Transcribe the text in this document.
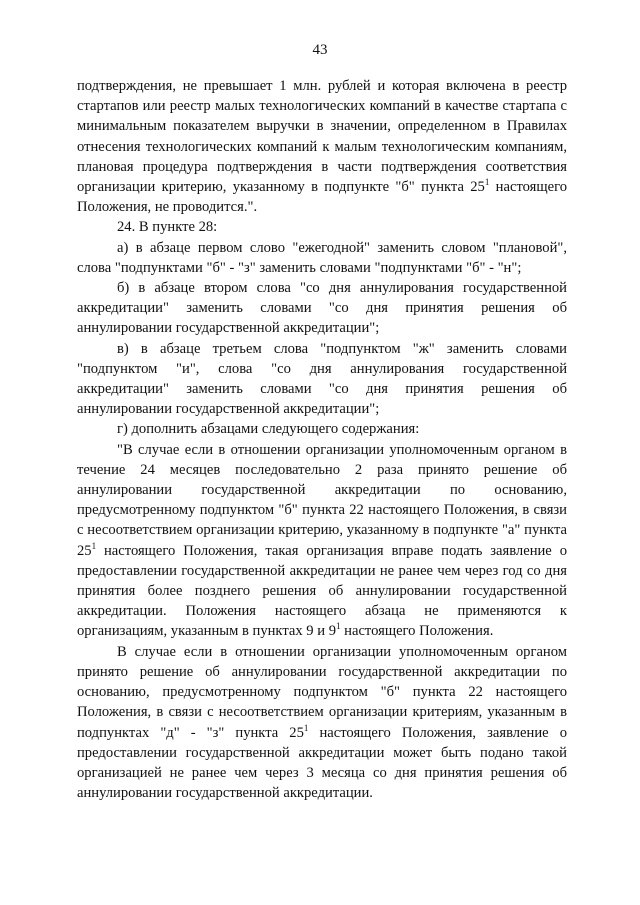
43

подтверждения, не превышает 1 млн. рублей и которая включена в реестр стартапов или реестр малых технологических компаний в качестве стартапа с минимальным показателем выручки в значении, определенном в Правилах отнесения технологических компаний к малым технологическим компаниям, плановая процедура подтверждения в части подтверждения соответствия организации критерию, указанному в подпункте "б" пункта $25^1$ настоящего Положения, не проводится.".

24. В пункте 28:

а) в абзаце первом слово "ежегодной" заменить словом "плановой", слова "подпунктами "б" - "з" заменить словами "подпунктами "б" - "н";

б) в абзаце втором слова "со дня аннулирования государственной аккредитации" заменить словами "со дня принятия решения об аннулировании государственной аккредитации";

в) в абзаце третьем слова "подпунктом "ж" заменить словами "подпунктом "и", слова "со дня аннулирования государственной аккредитации" заменить словами "со дня принятия решения об аннулировании государственной аккредитации";

г) дополнить абзацами следующего содержания:

"В случае если в отношении организации уполномоченным органом в течение 24 месяцев последовательно 2 раза принято решение об аннулировании государственной аккредитации по основанию, предусмотренному подпунктом "б" пункта 22 настоящего Положения, в связи с несоответствием организации критерию, указанному в подпункте "а" пункта $25^1$ настоящего Положения, такая организация вправе подать заявление о предоставлении государственной аккредитации не ранее чем через год со дня принятия более позднего решения об аннулировании государственной аккредитации. Положения настоящего абзаца не применяются к организациям, указанным в пунктах 9 и $9^1$ настоящего Положения.

В случае если в отношении организации уполномоченным органом принято решение об аннулировании государственной аккредитации по основанию, предусмотренному подпунктом "б" пункта 22 настоящего Положения, в связи с несоответствием организации критериям, указанным в подпунктах "д" - "з" пункта $25^1$ настоящего Положения, заявление о предоставлении государственной аккредитации может быть подано такой организацией не ранее чем через 3 месяца со дня принятия решения об аннулировании государственной аккредитации.
